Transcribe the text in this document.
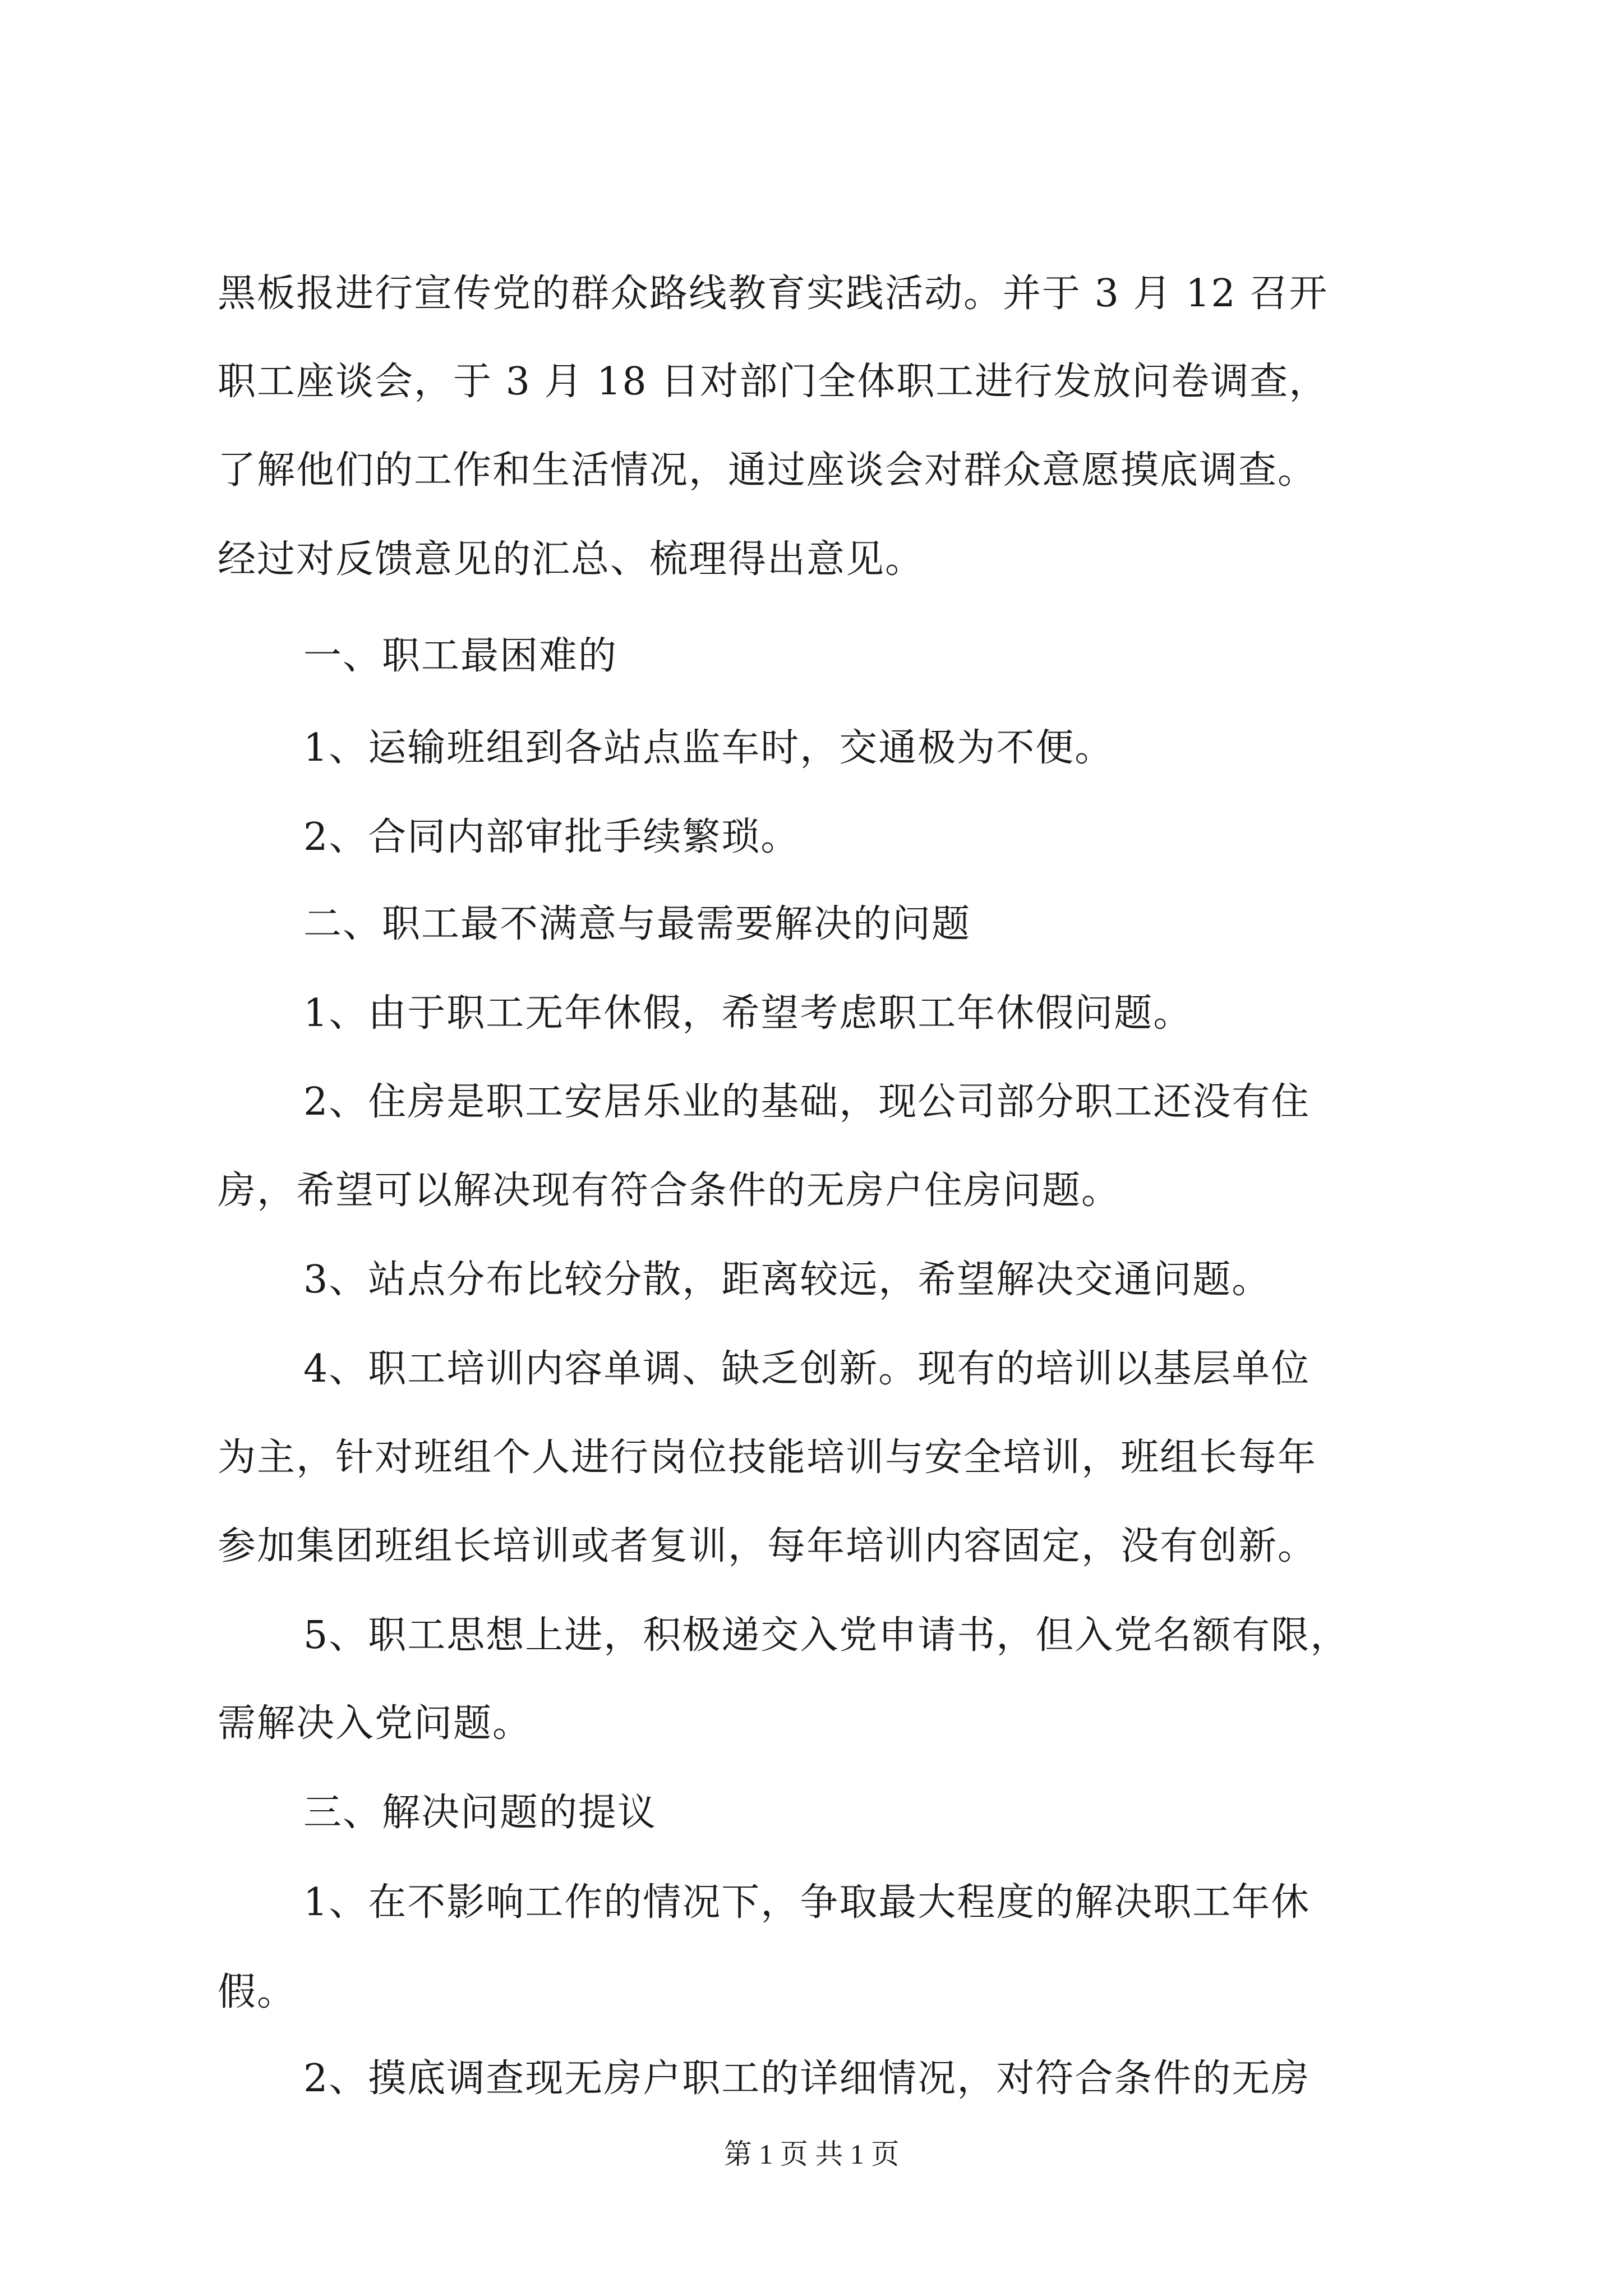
黑板报进行宣传党的群众路线教育实践活动。并于 3 月 12 召开
职工座谈会，于 3 月 18 日对部门全体职工进行发放问卷调查，
了解他们的工作和生活情况，通过座谈会对群众意愿摸底调查。
经过对反馈意见的汇总、梳理得出意见。
一、职工最困难的
1、运输班组到各站点监车时，交通极为不便。
2、合同内部审批手续繁琐。
二、职工最不满意与最需要解决的问题
1、由于职工无年休假，希望考虑职工年休假问题。
2、住房是职工安居乐业的基础，现公司部分职工还没有住
房，希望可以解决现有符合条件的无房户住房问题。
3、站点分布比较分散，距离较远，希望解决交通问题。
4、职工培训内容单调、缺乏创新。现有的培训以基层单位
为主，针对班组个人进行岗位技能培训与安全培训，班组长每年
参加集团班组长培训或者复训，每年培训内容固定，没有创新。
5、职工思想上进，积极递交入党申请书，但入党名额有限，
需解决入党问题。
三、解决问题的提议
1、在不影响工作的情况下，争取最大程度的解决职工年休
假。
2、摸底调查现无房户职工的详细情况，对符合条件的无房
第 1 页 共 1 页
